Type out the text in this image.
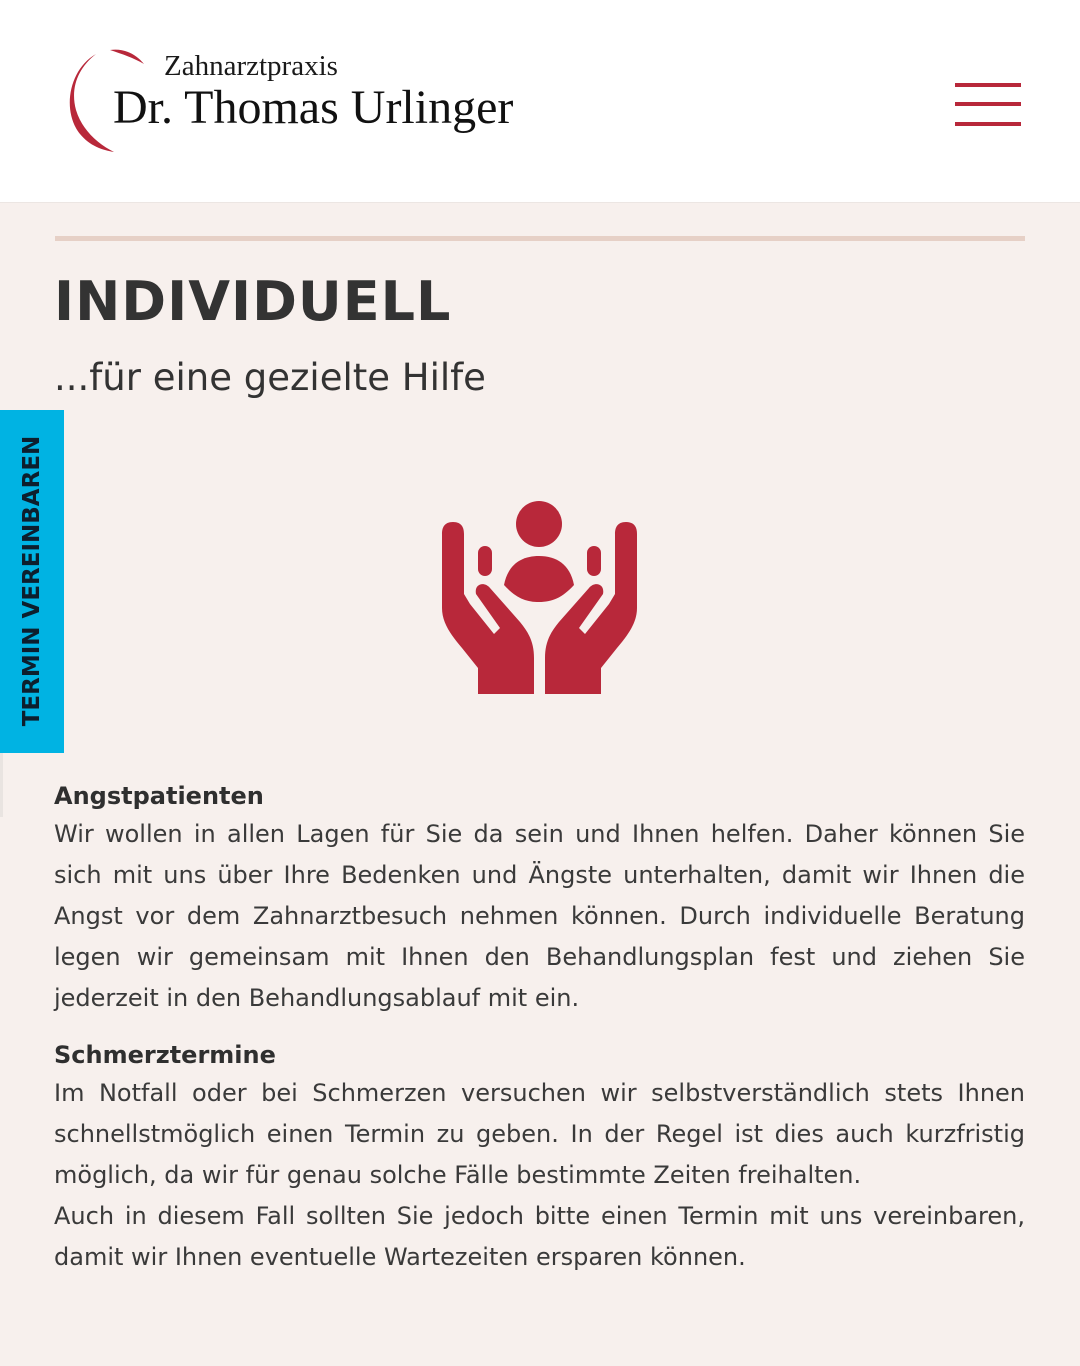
Zahnarztpraxis
Dr. Thomas Urlinger
INDIVIDUELL
...für eine gezielte Hilfe
TERMIN VEREINBAREN
Angstpatienten

Wir wollen in allen Lagen für Sie da sein und Ihnen helfen. Daher können Sie sich mit uns über Ihre Bedenken und Ängste unterhalten, damit wir Ihnen die Angst vor dem Zahnarztbesuch nehmen können. Durch individuelle Beratung legen wir gemeinsam mit Ihnen den Behandlungsplan fest und ziehen Sie jederzeit in den Behandlungsablauf mit ein.

Schmerztermine

Im Notfall oder bei Schmerzen versuchen wir selbstverständlich stets Ihnen schnellstmöglich einen Termin zu geben. In der Regel ist dies auch kurzfristig möglich, da wir für genau solche Fälle bestimmte Zeiten freihalten.

Auch in diesem Fall sollten Sie jedoch bitte einen Termin mit uns vereinbaren, damit wir Ihnen eventuelle Wartezeiten ersparen können.
